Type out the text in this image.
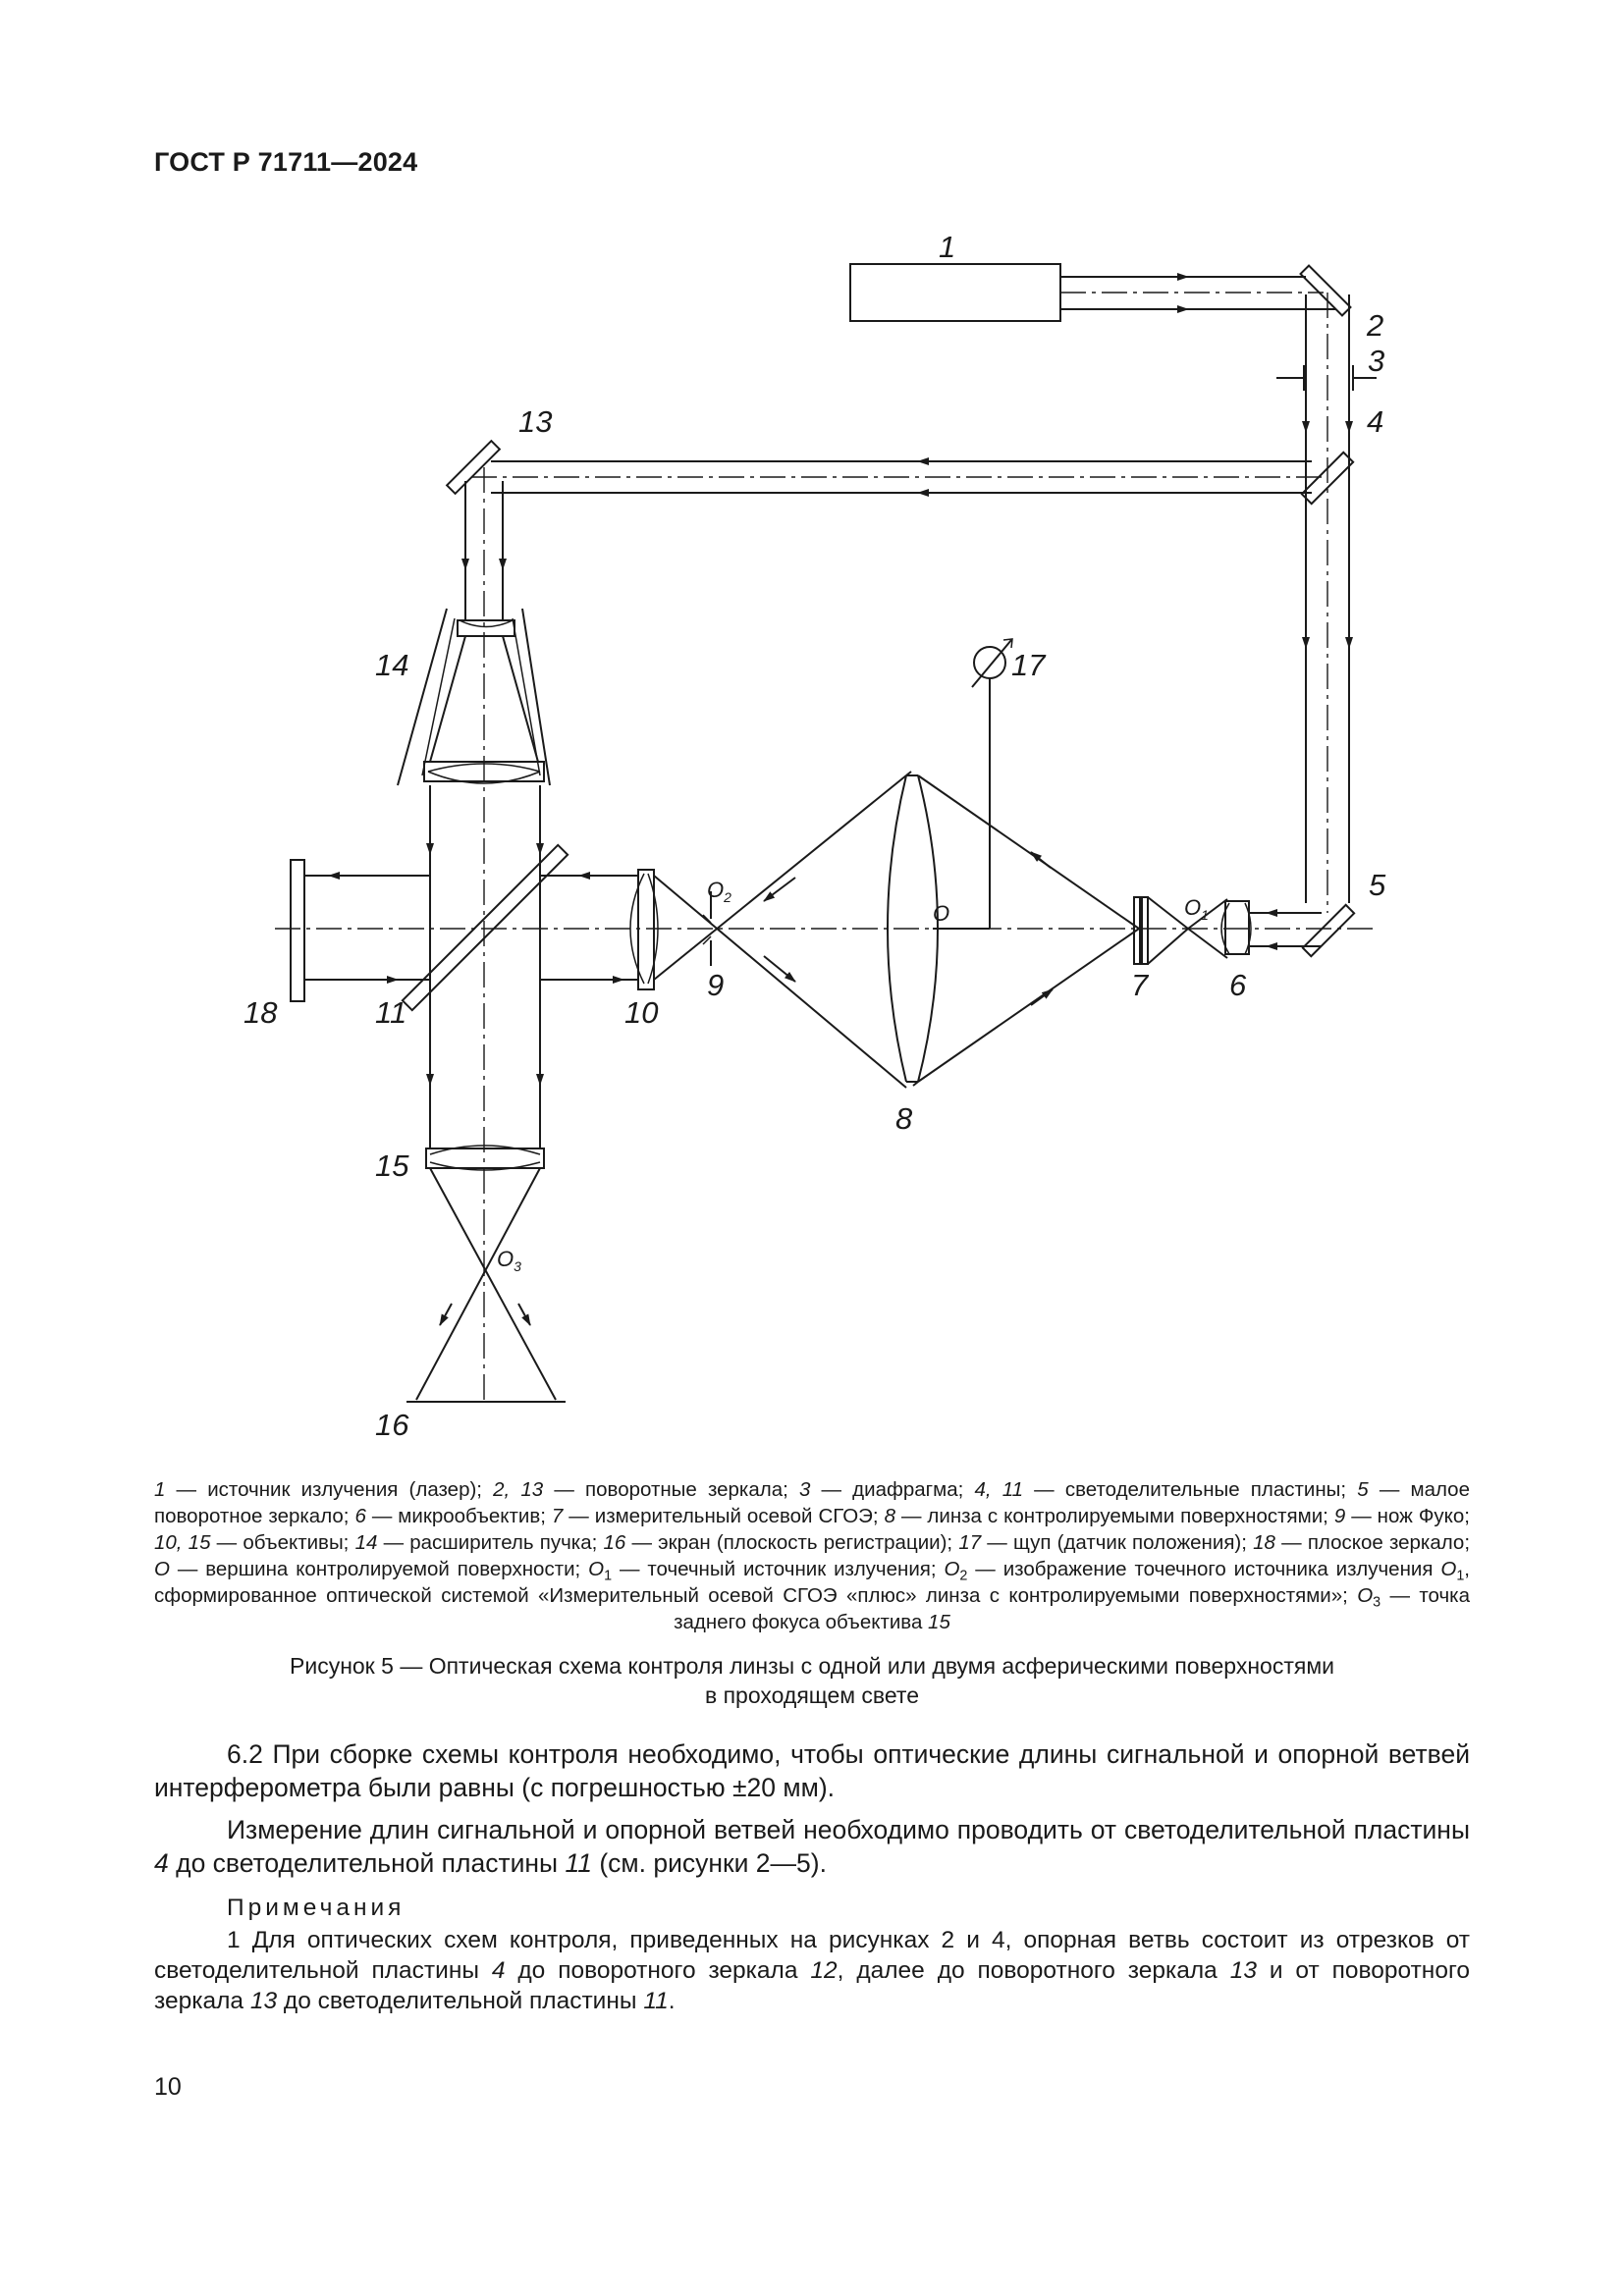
ГОСТ Р 71711—2024
1
2
3
4
5
6
7
8
9
10
11
13
14
15
16
17
18
O	$O_1$
$O_2$
$O_3$
1 — источник излучения (лазер); 2, 13 — поворотные зеркала; 3 — диафрагма; 4, 11 — светоделительные пластины; 5 — малое поворотное зеркало; 6 — микрообъектив; 7 — измерительный осевой СГОЭ; 8 — линза с контролируемыми поверхностями; 9 — нож Фуко; 10, 15 — объективы; 14 — расширитель пучка; 16 — экран (плоскость регистрации); 17 — щуп (датчик положения); 18 — плоское зеркало; O — вершина контролируемой поверхности; $O_1$ — точечный источник излучения; $O_2$ — изображение точечного источника излучения $O_1$, сформированное оптической системой «Измерительный осевой СГОЭ «плюс» линза с контролируемыми поверхностями»; $O_3$ — точка заднего фокуса объектива 15
Рисунок 5 — Оптическая схема контроля линзы с одной или двумя асферическими поверхностями
в проходящем свете

6.2 При сборке схемы контроля необходимо, чтобы оптические длины сигнальной и опорной ветвей интерферометра были равны (с погрешностью ±20 мм).

Измерение длин сигнальной и опорной ветвей необходимо проводить от светоделительной пластины 4 до светоделительной пластины 11 (см. рисунки 2—5).

Примечания

1 Для оптических схем контроля, приведенных на рисунках 2 и 4, опорная ветвь состоит из отрезков от светоделительной пластины 4 до поворотного зеркала 12, далее до поворотного зеркала 13 и от поворотного зеркала 13 до светоделительной пластины 11.

10
